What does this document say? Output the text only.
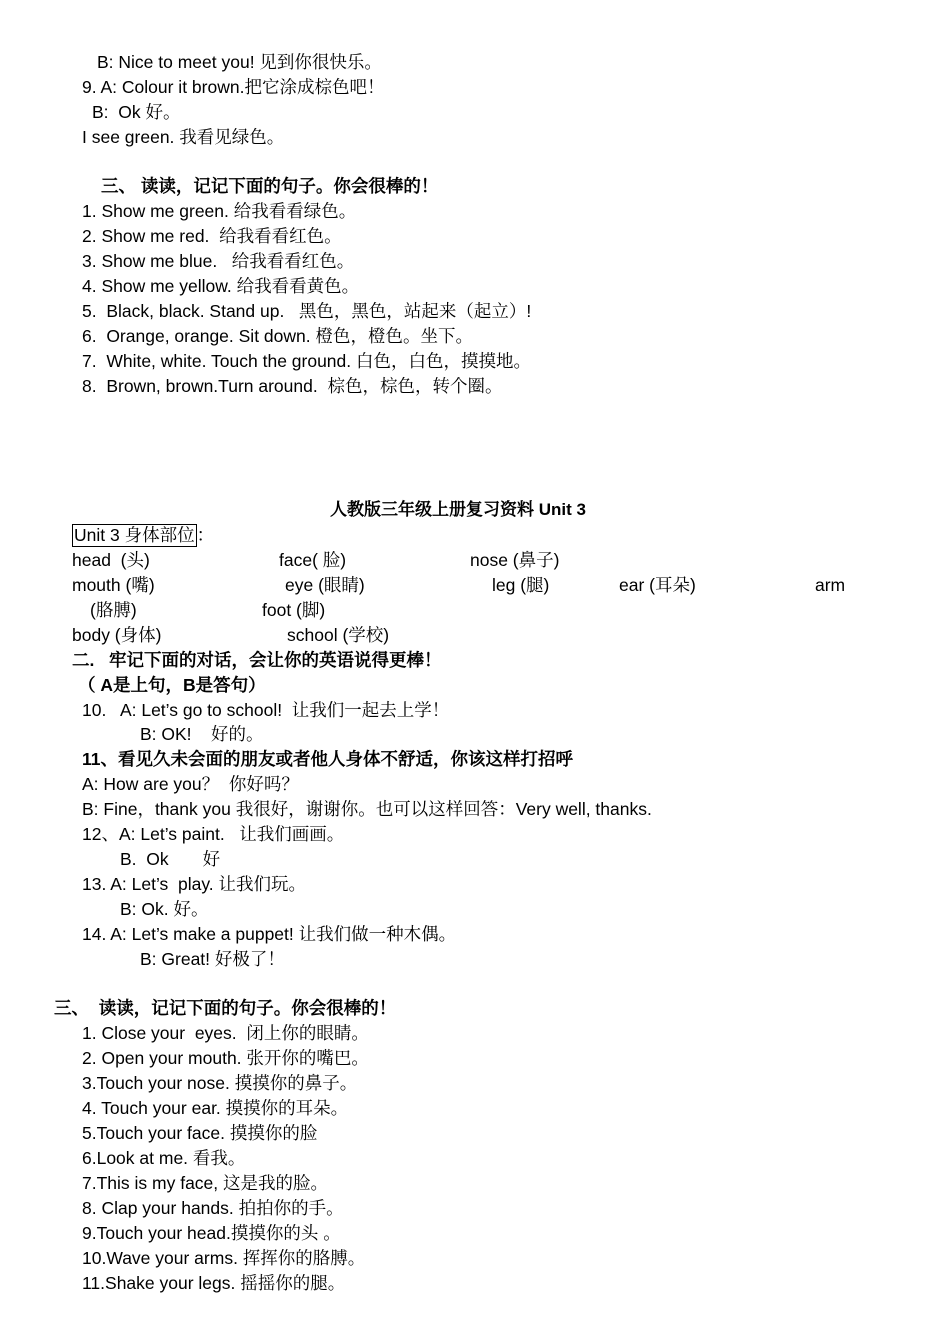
B: Nice to meet you! 见到你很快乐。
9. A: Colour it brown.把它涂成棕色吧！
B:  Ok 好。
I see green. 我看见绿色。
三、 读读，记记下面的句子。你会很棒的！
1. Show me green. 给我看看绿色。
2. Show me red.  给我看看红色。
3. Show me blue.   给我看看红色。
4. Show me yellow. 给我看看黄色。
5.  Black, black. Stand up.   黑色，黑色，站起来（起立）!
6.  Orange, orange. Sit down. 橙色，橙色。坐下。
7.  White, white. Touch the ground. 白色，白色，摸摸地。
8.  Brown, brown.Turn around.  棕色，棕色，转个圈。
人教版三年级上册复习资料 Unit 3
Unit 3 身体部位 ：
head  (头)	face( 脸)	nose (鼻子)
mouth (嘴)	eye (眼睛)	leg (腿)	ear (耳朵)	arm
(胳膊)	foot (脚)
body (身体)	school (学校)
二.   牢记下面的对话，会让你的英语说得更棒！
（ A是上句，B是答句）
10.   A: Let’s go to school!  让我们一起去上学！
B: OK!    好的。
11、看见久未会面的朋友或者他人身体不舒适，你该这样打招呼
A: How are you？  你好吗？
B: Fine，thank you 我很好，谢谢你。也可以这样回答：Very well, thanks.
12、A: Let’s paint.   让我们画画。
B.  Ok       好
13. A: Let’s  play. 让我们玩。
B: Ok. 好。
14. A: Let’s make a puppet! 让我们做一种木偶。
B: Great! 好极了！
三、  读读，记记下面的句子。你会很棒的！
1. Close your  eyes.  闭上你的眼睛。
2. Open your mouth. 张开你的嘴巴。
3.Touch your nose. 摸摸你的鼻子。
4. Touch your ear. 摸摸你的耳朵。
5.Touch your face. 摸摸你的脸
6.Look at me. 看我。
7.This is my face, 这是我的脸。
8. Clap your hands. 拍拍你的手。
9.Touch your head.摸摸你的头 。
10.Wave your arms. 挥挥你的胳膊。
11.Shake your legs. 摇摇你的腿。
